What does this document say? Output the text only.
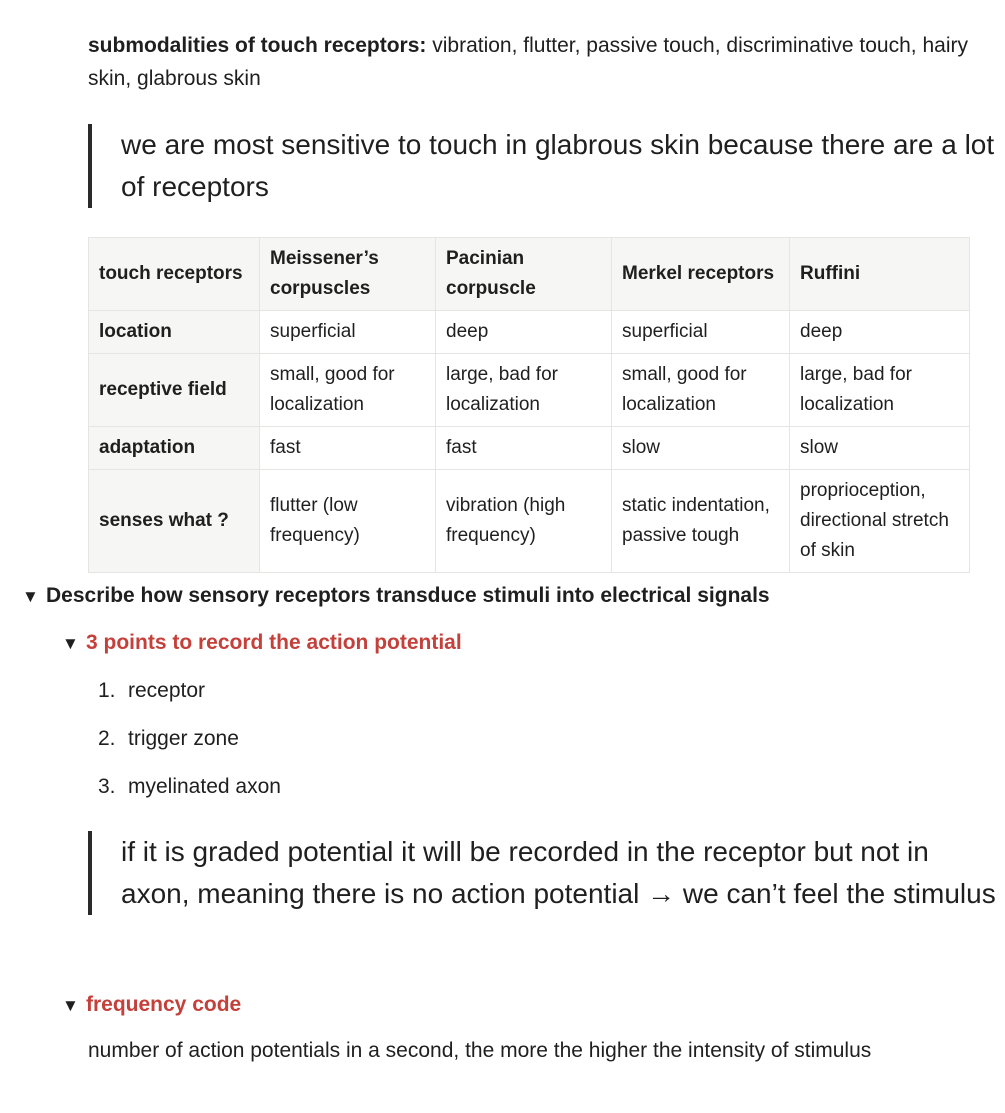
submodalities of touch receptors: vibration, flutter, passive touch, discriminative touch, hairy skin, glabrous skin
we are most sensitive to touch in glabrous skin because there are a lot of receptors
touch receptors	Meissener’s corpuscles	Pacinian corpuscle	Merkel receptors	Ruffini
location	superficial	deep	superficial	deep
receptive field	small, good for localization	large, bad for localization	small, good for localization	large, bad for localization
adaptation	fast	fast	slow	slow
senses what ?	flutter (low frequency)	vibration (high frequency)	static indentation, passive tough	proprioception, directional stretch of skin
▼ Describe how sensory receptors transduce stimuli into electrical signals
▼ 3 points to record the action potential
1. receptor
2. trigger zone
3. myelinated axon
if it is graded potential it will be recorded in the receptor but not in axon, meaning there is no action potential → we can’t feel the stimulus
▼ frequency code
number of action potentials in a second, the more the higher the intensity of stimulus
